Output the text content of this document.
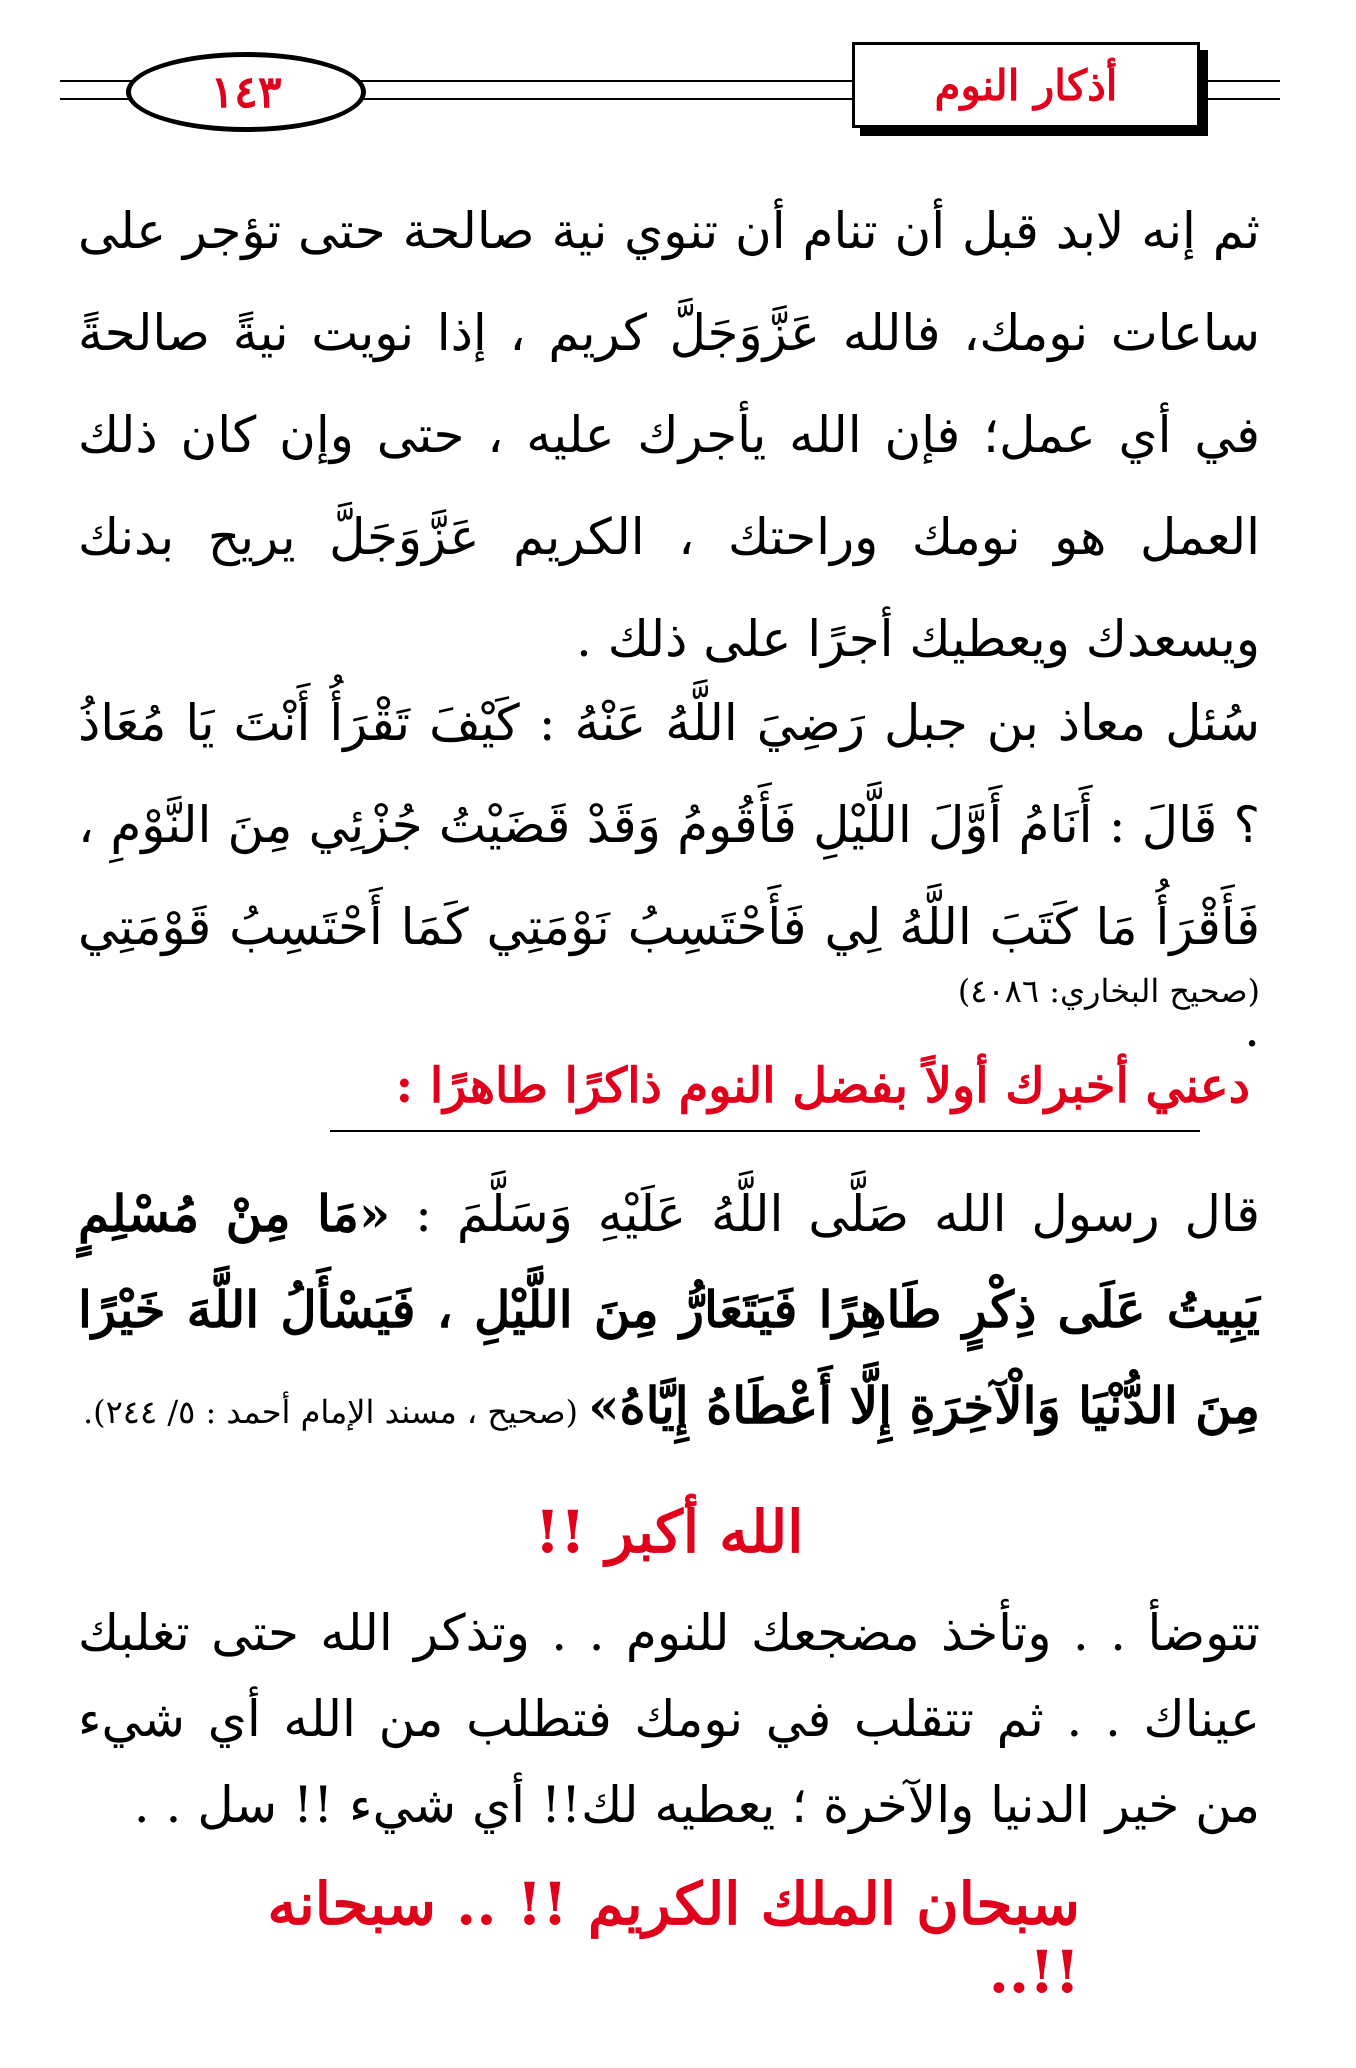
١٤٣	أذكار النوم

ثم إنه لابد قبل أن تنام أن تنوي نية صالحة حتى تؤجر على ساعات نومك، فالله عَزَّوَجَلَّ كريم ، إذا نويت نيةً صالحةً في أي عمل؛ فإن الله يأجرك عليه ، حتى وإن كان ذلك العمل هو نومك وراحتك ، الكريم عَزَّوَجَلَّ يريح بدنك ويسعدك ويعطيك أجرًا على ذلك .

سُئل معاذ بن جبل رَضِيَ اللَّهُ عَنْهُ : كَيْفَ تَقْرَأُ أَنْتَ يَا مُعَاذُ ؟ قَالَ : أَنَامُ أَوَّلَ اللَّيْلِ فَأَقُومُ وَقَدْ قَضَيْتُ جُزْئِي مِنَ النَّوْمِ ، فَأَقْرَأُ مَا كَتَبَ اللَّهُ لِي فَأَحْتَسِبُ نَوْمَتِي كَمَا أَحْتَسِبُ قَوْمَتِي .

(صحيح البخاري: ٤٠٨٦)
دعني أخبرك أولاً بفضل النوم ذاكرًا طاهرًا :

قال رسول الله صَلَّى اللَّهُ عَلَيْهِ وَسَلَّمَ : «مَا مِنْ مُسْلِمٍ يَبِيتُ عَلَى ذِكْرٍ طَاهِرًا فَيَتَعَارُّ مِنَ اللَّيْلِ ، فَيَسْأَلُ اللَّهَ خَيْرًا مِنَ الدُّنْيَا وَالْآخِرَةِ إِلَّا أَعْطَاهُ إِيَّاهُ» (صحيح ، مسند الإمام أحمد : ٥/ ٢٤٤).

الله أكبر !!

تتوضأ . . وتأخذ مضجعك للنوم . . وتذكر الله حتى تغلبك عيناك . . ثم تتقلب في نومك فتطلب من الله أي شيء من خير الدنيا والآخرة ؛ يعطيه لك!! أي شيء !! سل . .

سبحان الملك الكريم !! .. سبحانه !!..
